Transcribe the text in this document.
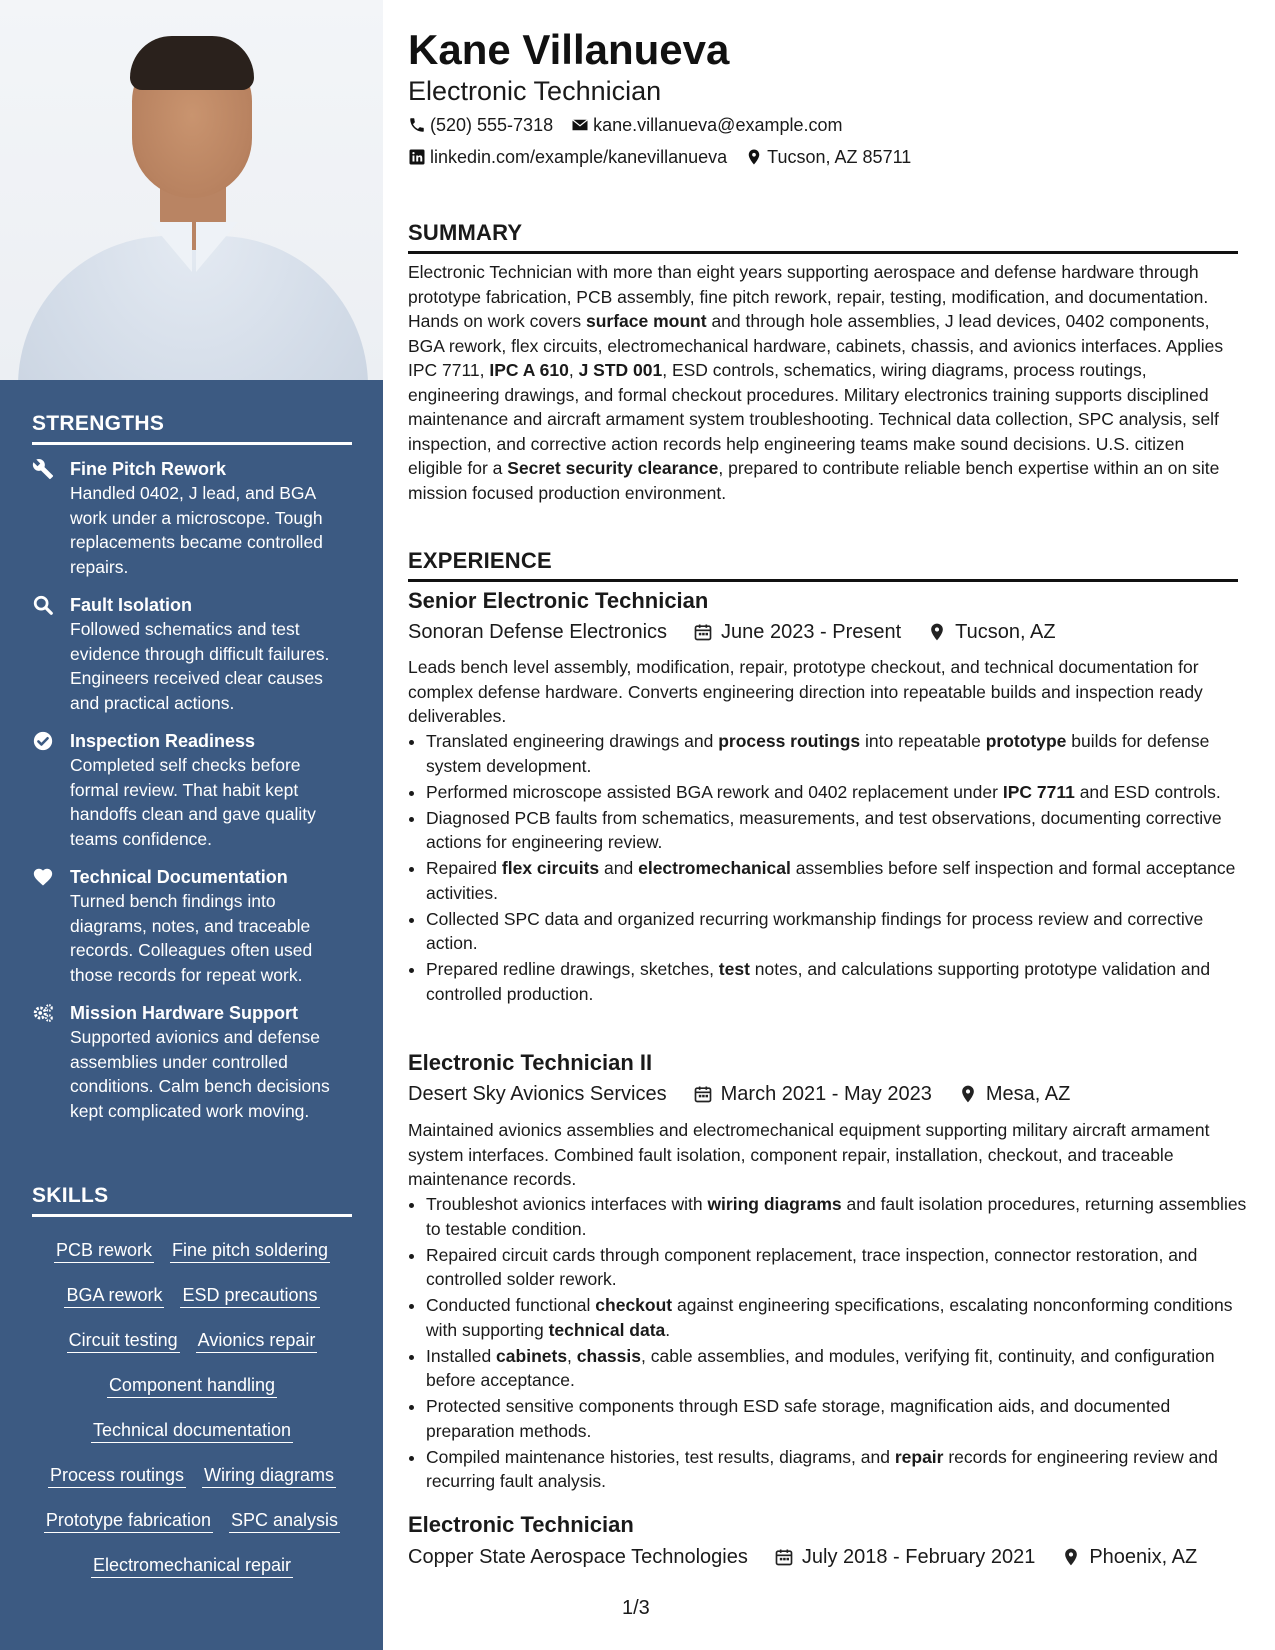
STRENGTHS
Fine Pitch Rework
Handled 0402, J lead, and BGA work under a microscope. Tough replacements became controlled repairs.
Fault Isolation
Followed schematics and test evidence through difficult failures. Engineers received clear causes and practical actions.
Inspection Readiness
Completed self checks before formal review. That habit kept handoffs clean and gave quality teams confidence.
Technical Documentation
Turned bench findings into diagrams, notes, and traceable records. Colleagues often used those records for repeat work.
Mission Hardware Support
Supported avionics and defense assemblies under controlled conditions. Calm bench decisions kept complicated work moving.
SKILLS
PCB rework Fine pitch soldering
BGA rework ESD precautions
Circuit testing Avionics repair
Component handling
Technical documentation
Process routings Wiring diagrams
Prototype fabrication SPC analysis
Electromechanical repair
Kane Villanueva
Electronic Technician
(520) 555-7318 kane.villanueva@example.com
linkedin.com/example/kanevillanueva Tucson, AZ 85711
SUMMARY

Electronic Technician with more than eight years supporting aerospace and defense hardware through prototype fabrication, PCB assembly, fine pitch rework, repair, testing, modification, and documentation. Hands on work covers surface mount and through hole assemblies, J lead devices, 0402 components, BGA rework, flex circuits, electromechanical hardware, cabinets, chassis, and avionics interfaces. Applies IPC 7711, IPC A 610, J STD 001, ESD controls, schematics, wiring diagrams, process routings, engineering drawings, and formal checkout procedures. Military electronics training supports disciplined maintenance and aircraft armament system troubleshooting. Technical data collection, SPC analysis, self inspection, and corrective action records help engineering teams make sound decisions. U.S. citizen eligible for a Secret security clearance, prepared to contribute reliable bench expertise within an on site mission focused production environment.

EXPERIENCE
Senior Electronic Technician
Sonoran Defense Electronics	June 2023 - Present	Tucson, AZ

Leads bench level assembly, modification, repair, prototype checkout, and technical documentation for complex defense hardware. Converts engineering direction into repeatable builds and inspection ready deliverables.

• Translated engineering drawings and process routings into repeatable prototype builds for defense system development.
• Performed microscope assisted BGA rework and 0402 replacement under IPC 7711 and ESD controls.
• Diagnosed PCB faults from schematics, measurements, and test observations, documenting corrective actions for engineering review.
• Repaired flex circuits and electromechanical assemblies before self inspection and formal acceptance activities.
• Collected SPC data and organized recurring workmanship findings for process review and corrective action.
• Prepared redline drawings, sketches, test notes, and calculations supporting prototype validation and controlled production.
Electronic Technician II
Desert Sky Avionics Services	March 2021 - May 2023	Mesa, AZ

Maintained avionics assemblies and electromechanical equipment supporting military aircraft armament system interfaces. Combined fault isolation, component repair, installation, checkout, and traceable maintenance records.

• Troubleshot avionics interfaces with wiring diagrams and fault isolation procedures, returning assemblies to testable condition.
• Repaired circuit cards through component replacement, trace inspection, connector restoration, and controlled solder rework.
• Conducted functional checkout against engineering specifications, escalating nonconforming conditions with supporting technical data.
• Installed cabinets, chassis, cable assemblies, and modules, verifying fit, continuity, and configuration before acceptance.
• Protected sensitive components through ESD safe storage, magnification aids, and documented preparation methods.
• Compiled maintenance histories, test results, diagrams, and repair records for engineering review and recurring fault analysis.
Electronic Technician
Copper State Aerospace Technologies	July 2018 - February 2021	Phoenix, AZ
1/3
